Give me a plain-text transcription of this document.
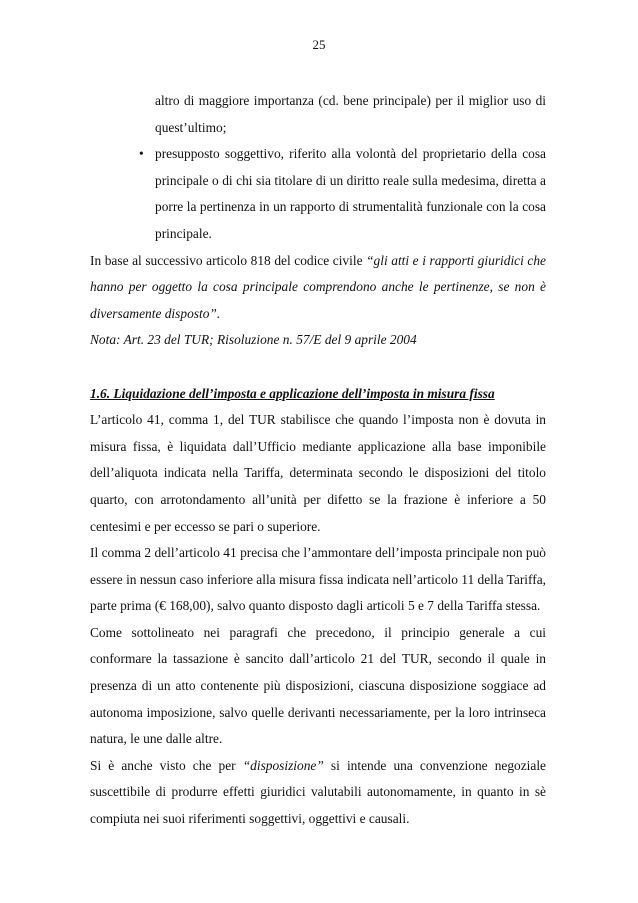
25

altro di maggiore importanza (cd. bene principale) per il miglior uso di quest’ultimo;

• presupposto soggettivo, riferito alla volontà del proprietario della cosa principale o di chi sia titolare di un diritto reale sulla medesima, diretta a porre la pertinenza in un rapporto di strumentalità funzionale con la cosa principale.

In base al successivo articolo 818 del codice civile “gli atti e i rapporti giuridici che hanno per oggetto la cosa principale comprendono anche le pertinenze, se non è diversamente disposto”.

Nota: Art. 23 del TUR; Risoluzione n. 57/E del 9 aprile 2004

1.6. Liquidazione dell’imposta e applicazione dell’imposta in misura fissa

L’articolo 41, comma 1, del TUR stabilisce che quando l’imposta non è dovuta in misura fissa, è liquidata dall’Ufficio mediante applicazione alla base imponibile dell’aliquota indicata nella Tariffa, determinata secondo le disposizioni del titolo quarto, con arrotondamento all’unità per difetto se la frazione è inferiore a 50 centesimi e per eccesso se pari o superiore.

Il comma 2 dell’articolo 41 precisa che l’ammontare dell’imposta principale non può essere in nessun caso inferiore alla misura fissa indicata nell’articolo 11 della Tariffa, parte prima (€ 168,00), salvo quanto disposto dagli articoli 5 e 7 della Tariffa stessa.

Come sottolineato nei paragrafi che precedono, il principio generale a cui conformare la tassazione è sancito dall’articolo 21 del TUR, secondo il quale in presenza di un atto contenente più disposizioni, ciascuna disposizione soggiace ad autonoma imposizione, salvo quelle derivanti necessariamente, per la loro intrinseca natura, le une dalle altre.

Si è anche visto che per “disposizione” si intende una convenzione negoziale suscettibile di produrre effetti giuridici valutabili autonomamente, in quanto in sè compiuta nei suoi riferimenti soggettivi, oggettivi e causali.
